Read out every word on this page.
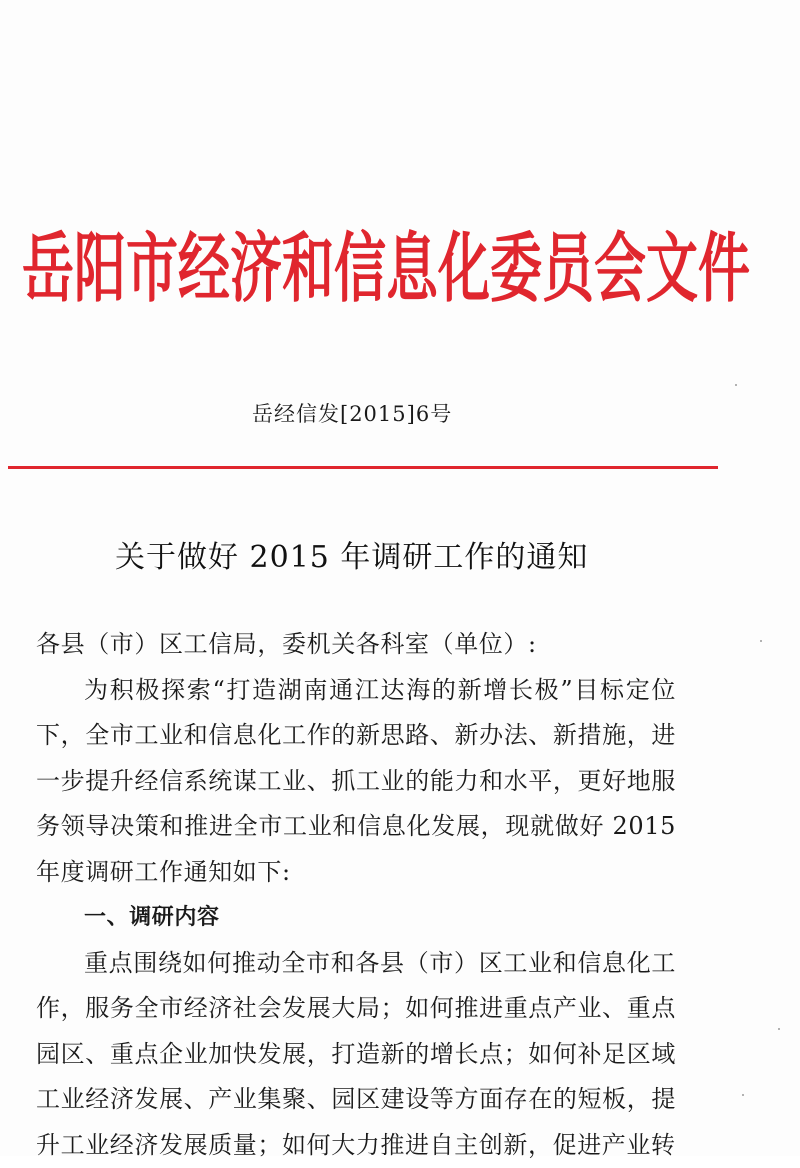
岳阳市经济和信息化委员会文件
岳经信发[2015]6号
关于做好 2015 年调研工作的通知

各县（市）区工信局，委机关各科室（单位）:

为积极探索“打造湖南通江达海的新增长极”目标定位下，全市工业和信息化工作的新思路、新办法、新措施，进一步提升经信系统谋工业、抓工业的能力和水平，更好地服务领导决策和推进全市工业和信息化发展，现就做好 2015 年度调研工作通知如下:

一、调研内容

重点围绕如何推动全市和各县（市）区工业和信息化工作，服务全市经济社会发展大局；如何推进重点产业、重点园区、重点企业加快发展，打造新的增长点；如何补足区域工业经济发展、产业集聚、园区建设等方面存在的短板，提升工业经济发展质量；如何大力推进自主创新，促进产业转
